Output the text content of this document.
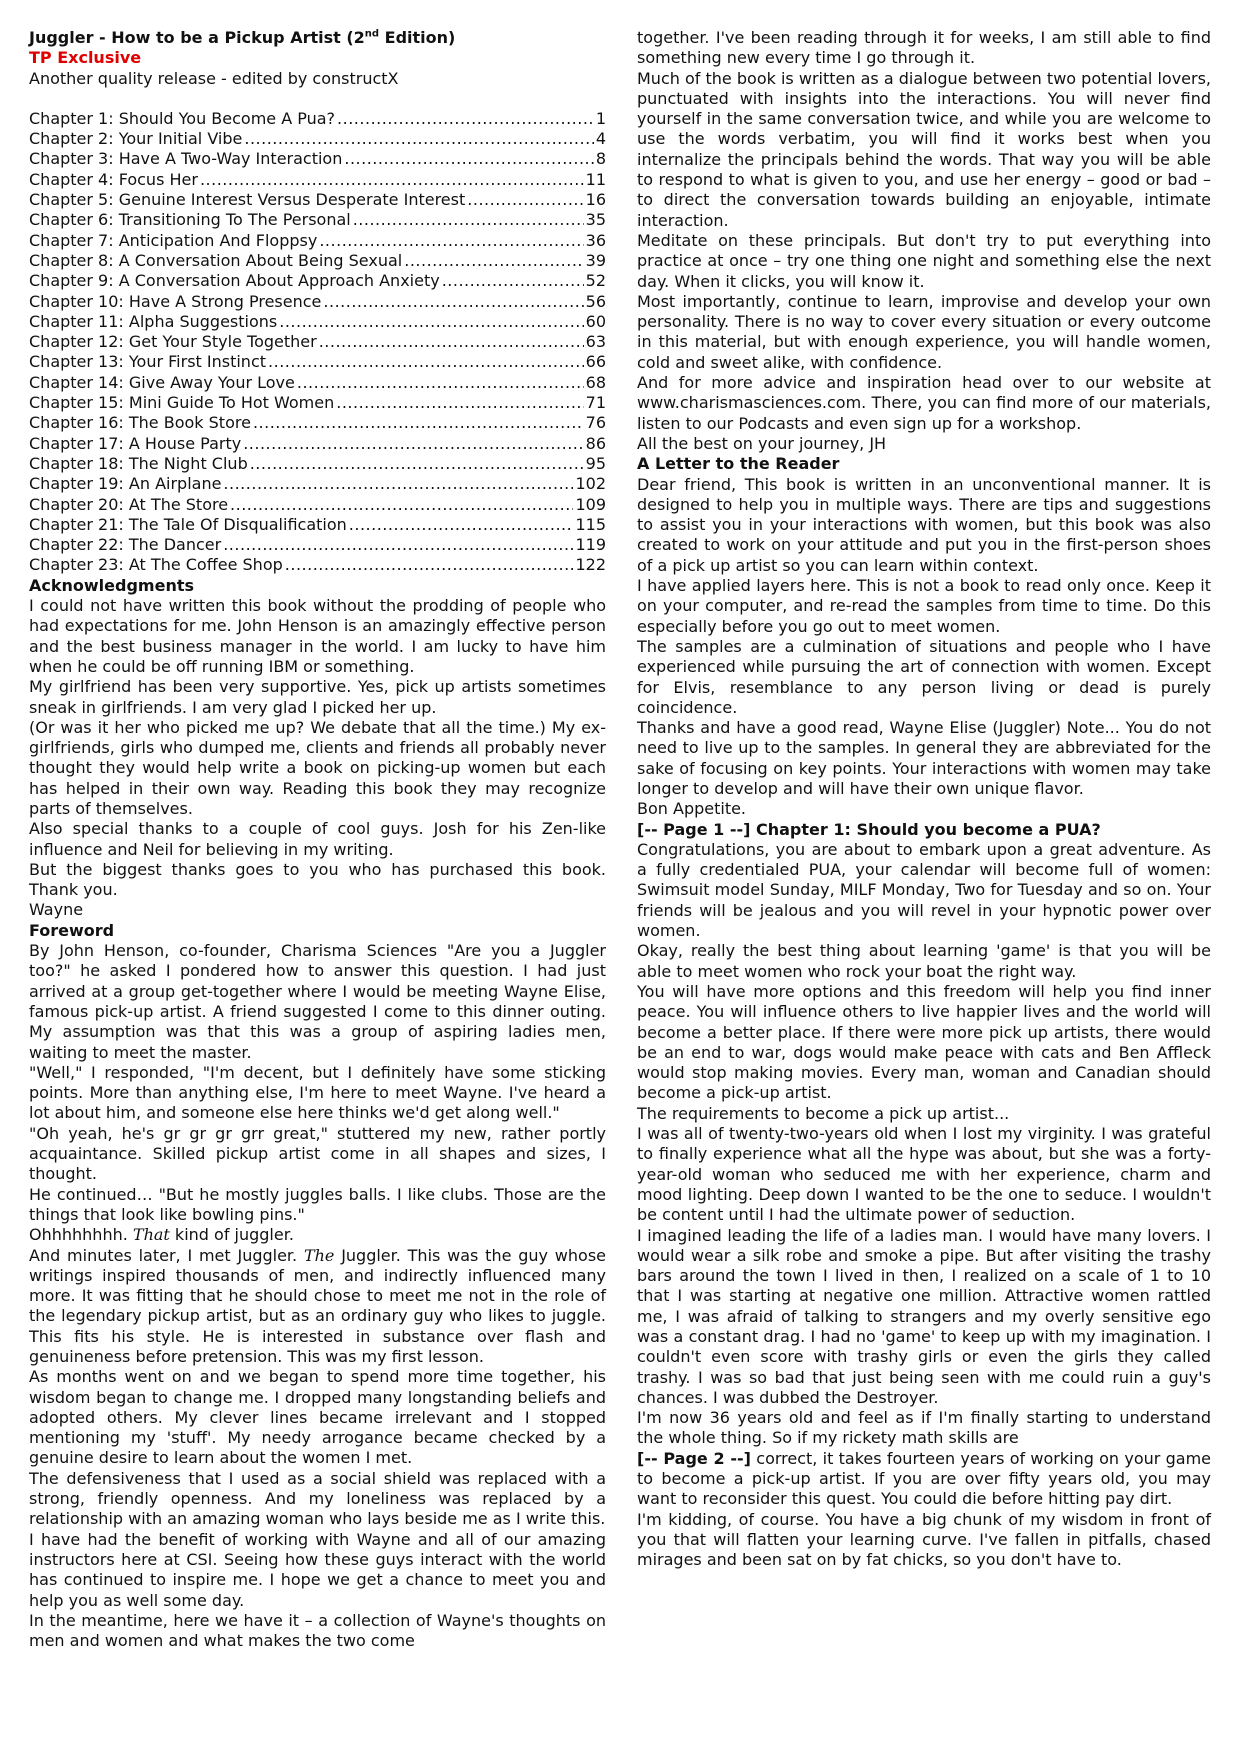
Juggler - How to be a Pickup Artist (2nd Edition)

TP Exclusive

Another quality release - edited by constructX

Chapter 1: Should You Become A Pua? .....	1
Chapter 2: Your Initial Vibe .....	4
Chapter 3: Have A Two-Way Interaction .....	8
Chapter 4: Focus Her .....	11
Chapter 5: Genuine Interest Versus Desperate Interest .....	16
Chapter 6: Transitioning To The Personal .....	35
Chapter 7: Anticipation And Floppsy .....	36
Chapter 8: A Conversation About Being Sexual .....	39
Chapter 9: A Conversation About Approach Anxiety .....	52
Chapter 10: Have A Strong Presence .....	56
Chapter 11: Alpha Suggestions .....	60
Chapter 12: Get Your Style Together .....	63
Chapter 13: Your First Instinct .....	66
Chapter 14: Give Away Your Love .....	68
Chapter 15: Mini Guide To Hot Women .....	71
Chapter 16: The Book Store .....	76
Chapter 17: A House Party .....	86
Chapter 18: The Night Club .....	95
Chapter 19: An Airplane .....	102
Chapter 20: At The Store .....	109
Chapter 21: The Tale Of Disqualification .....	115
Chapter 22: The Dancer .....	119
Chapter 23: At The Coffee Shop .....	122

Acknowledgments

I could not have written this book without the prodding of people who had expectations for me. John Henson is an amazingly effective person and the best business manager in the world. I am lucky to have him when he could be off running IBM or something.

My girlfriend has been very supportive. Yes, pick up artists sometimes sneak in girlfriends. I am very glad I picked her up.

(Or was it her who picked me up? We debate that all the time.) My ex-girlfriends, girls who dumped me, clients and friends all probably never thought they would help write a book on picking-up women but each has helped in their own way. Reading this book they may recognize parts of themselves.

Also special thanks to a couple of cool guys. Josh for his Zen-like influence and Neil for believing in my writing.

But the biggest thanks goes to you who has purchased this book. Thank you.

Wayne

Foreword

By John Henson, co-founder, Charisma Sciences "Are you a Juggler too?" he asked I pondered how to answer this question. I had just arrived at a group get-together where I would be meeting Wayne Elise, famous pick-up artist. A friend suggested I come to this dinner outing. My assumption was that this was a group of aspiring ladies men, waiting to meet the master.

"Well," I responded, "I'm decent, but I definitely have some sticking points. More than anything else, I'm here to meet Wayne. I've heard a lot about him, and someone else here thinks we'd get along well."

"Oh yeah, he's gr gr gr grr great," stuttered my new, rather portly acquaintance. Skilled pickup artist come in all shapes and sizes, I thought.

He continued… "But he mostly juggles balls. I like clubs. Those are the things that look like bowling pins."

Ohhhhhhhh. That kind of juggler.

And minutes later, I met Juggler. The Juggler. This was the guy whose writings inspired thousands of men, and indirectly influenced many more. It was fitting that he should chose to meet me not in the role of the legendary pickup artist, but as an ordinary guy who likes to juggle. This fits his style. He is interested in substance over flash and genuineness before pretension. This was my first lesson.

As months went on and we began to spend more time together, his wisdom began to change me. I dropped many longstanding beliefs and adopted others. My clever lines became irrelevant and I stopped mentioning my 'stuff'. My needy arrogance became checked by a genuine desire to learn about the women I met.

The defensiveness that I used as a social shield was replaced with a strong, friendly openness. And my loneliness was replaced by a relationship with an amazing woman who lays beside me as I write this.

I have had the benefit of working with Wayne and all of our amazing instructors here at CSI. Seeing how these guys interact with the world has continued to inspire me. I hope we get a chance to meet you and help you as well some day.

In the meantime, here we have it – a collection of Wayne's thoughts on men and women and what makes the two come

together. I've been reading through it for weeks, I am still able to find something new every time I go through it.

Much of the book is written as a dialogue between two potential lovers, punctuated with insights into the interactions. You will never find yourself in the same conversation twice, and while you are welcome to use the words verbatim, you will find it works best when you internalize the principals behind the words. That way you will be able to respond to what is given to you, and use her energy – good or bad – to direct the conversation towards building an enjoyable, intimate interaction.

Meditate on these principals. But don't try to put everything into practice at once – try one thing one night and something else the next day. When it clicks, you will know it.

Most importantly, continue to learn, improvise and develop your own personality. There is no way to cover every situation or every outcome in this material, but with enough experience, you will handle women, cold and sweet alike, with confidence.

And for more advice and inspiration head over to our website at www.charismasciences.com. There, you can find more of our materials, listen to our Podcasts and even sign up for a workshop.

All the best on your journey, JH

A Letter to the Reader

Dear friend, This book is written in an unconventional manner. It is designed to help you in multiple ways. There are tips and suggestions to assist you in your interactions with women, but this book was also created to work on your attitude and put you in the first-person shoes of a pick up artist so you can learn within context.

I have applied layers here. This is not a book to read only once. Keep it on your computer, and re-read the samples from time to time. Do this especially before you go out to meet women.

The samples are a culmination of situations and people who I have experienced while pursuing the art of connection with women. Except for Elvis, resemblance to any person living or dead is purely coincidence.

Thanks and have a good read, Wayne Elise (Juggler) Note... You do not need to live up to the samples. In general they are abbreviated for the sake of focusing on key points. Your interactions with women may take longer to develop and will have their own unique flavor.

Bon Appetite.

[-- Page 1 --] Chapter 1: Should you become a PUA?

Congratulations, you are about to embark upon a great adventure. As a fully credentialed PUA, your calendar will become full of women: Swimsuit model Sunday, MILF Monday, Two for Tuesday and so on. Your friends will be jealous and you will revel in your hypnotic power over women.

Okay, really the best thing about learning 'game' is that you will be able to meet women who rock your boat the right way.

You will have more options and this freedom will help you find inner peace. You will influence others to live happier lives and the world will become a better place. If there were more pick up artists, there would be an end to war, dogs would make peace with cats and Ben Affleck would stop making movies. Every man, woman and Canadian should become a pick-up artist.

The requirements to become a pick up artist...

I was all of twenty-two-years old when I lost my virginity. I was grateful to finally experience what all the hype was about, but she was a forty-year-old woman who seduced me with her experience, charm and mood lighting. Deep down I wanted to be the one to seduce. I wouldn't be content until I had the ultimate power of seduction.

I imagined leading the life of a ladies man. I would have many lovers. I would wear a silk robe and smoke a pipe. But after visiting the trashy bars around the town I lived in then, I realized on a scale of 1 to 10 that I was starting at negative one million. Attractive women rattled me, I was afraid of talking to strangers and my overly sensitive ego was a constant drag. I had no 'game' to keep up with my imagination. I couldn't even score with trashy girls or even the girls they called trashy. I was so bad that just being seen with me could ruin a guy's chances. I was dubbed the Destroyer.

I'm now 36 years old and feel as if I'm finally starting to understand the whole thing. So if my rickety math skills are

[-- Page 2 --] correct, it takes fourteen years of working on your game to become a pick-up artist. If you are over fifty years old, you may want to reconsider this quest. You could die before hitting pay dirt.

I'm kidding, of course. You have a big chunk of my wisdom in front of you that will flatten your learning curve. I've fallen in pitfalls, chased mirages and been sat on by fat chicks, so you don't have to.
